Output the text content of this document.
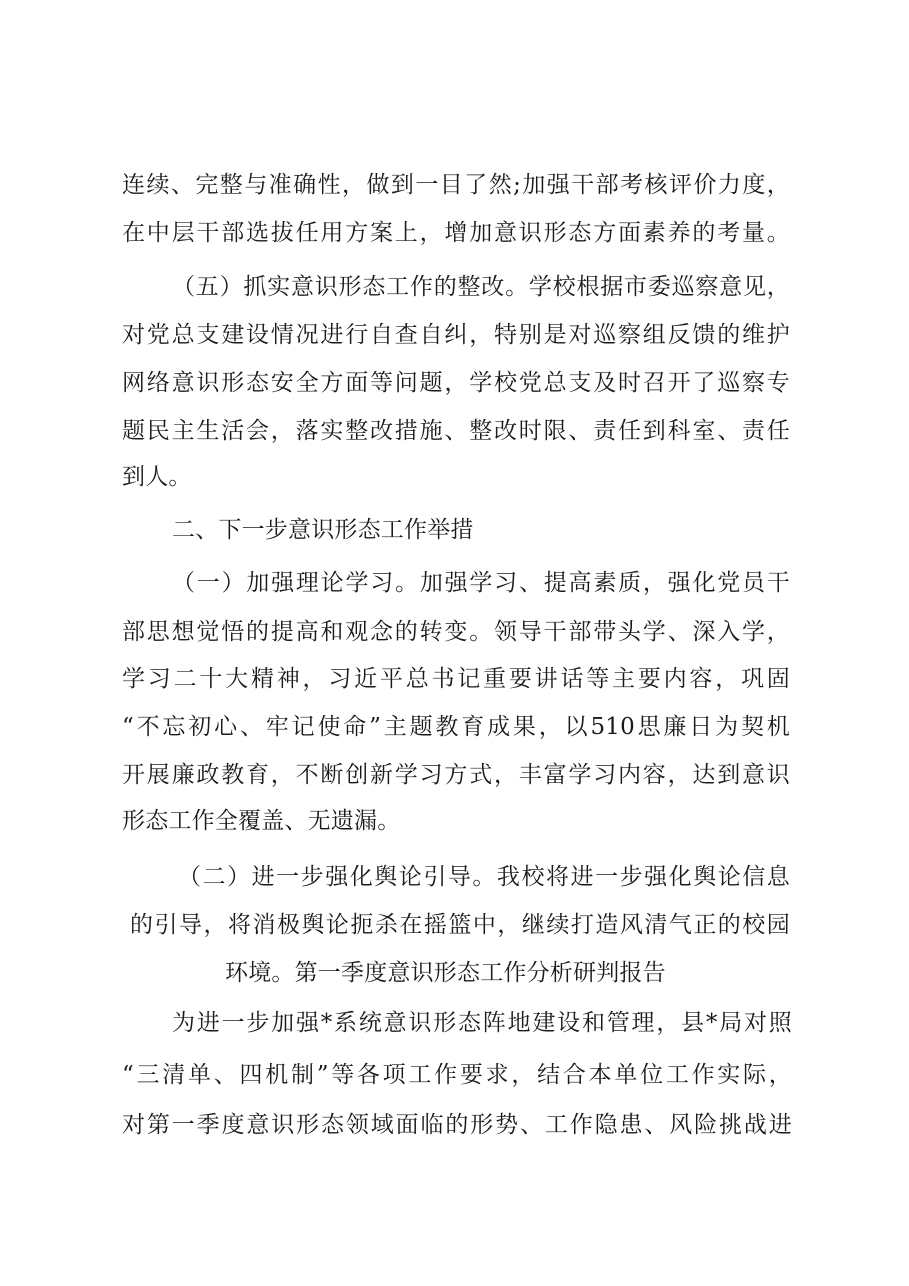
连续、完整与准确性，做到一目了然;加强干部考核评价力度，
在中层干部选拔任用方案上，增加意识形态方面素养的考量。
（五）抓实意识形态工作的整改。学校根据市委巡察意见，
对党总支建设情况进行自查自纠，特别是对巡察组反馈的维护
网络意识形态安全方面等问题，学校党总支及时召开了巡察专
题民主生活会，落实整改措施、整改时限、责任到科室、责任
到人。
二、下一步意识形态工作举措
（一）加强理论学习。加强学习、提高素质，强化党员干
部思想觉悟的提高和观念的转变。领导干部带头学、深入学，
学习二十大精神，习近平总书记重要讲话等主要内容，巩固
“不忘初心、牢记使命”主题教育成果，以510思廉日为契机
开展廉政教育，不断创新学习方式，丰富学习内容，达到意识
形态工作全覆盖、无遗漏。
（二）进一步强化舆论引导。我校将进一步强化舆论信息
的引导，将消极舆论扼杀在摇篮中，继续打造风清气正的校园
环境。第一季度意识形态工作分析研判报告
为进一步加强*系统意识形态阵地建设和管理，县*局对照
“三清单、四机制”等各项工作要求，结合本单位工作实际，
对第一季度意识形态领域面临的形势、工作隐患、风险挑战进
